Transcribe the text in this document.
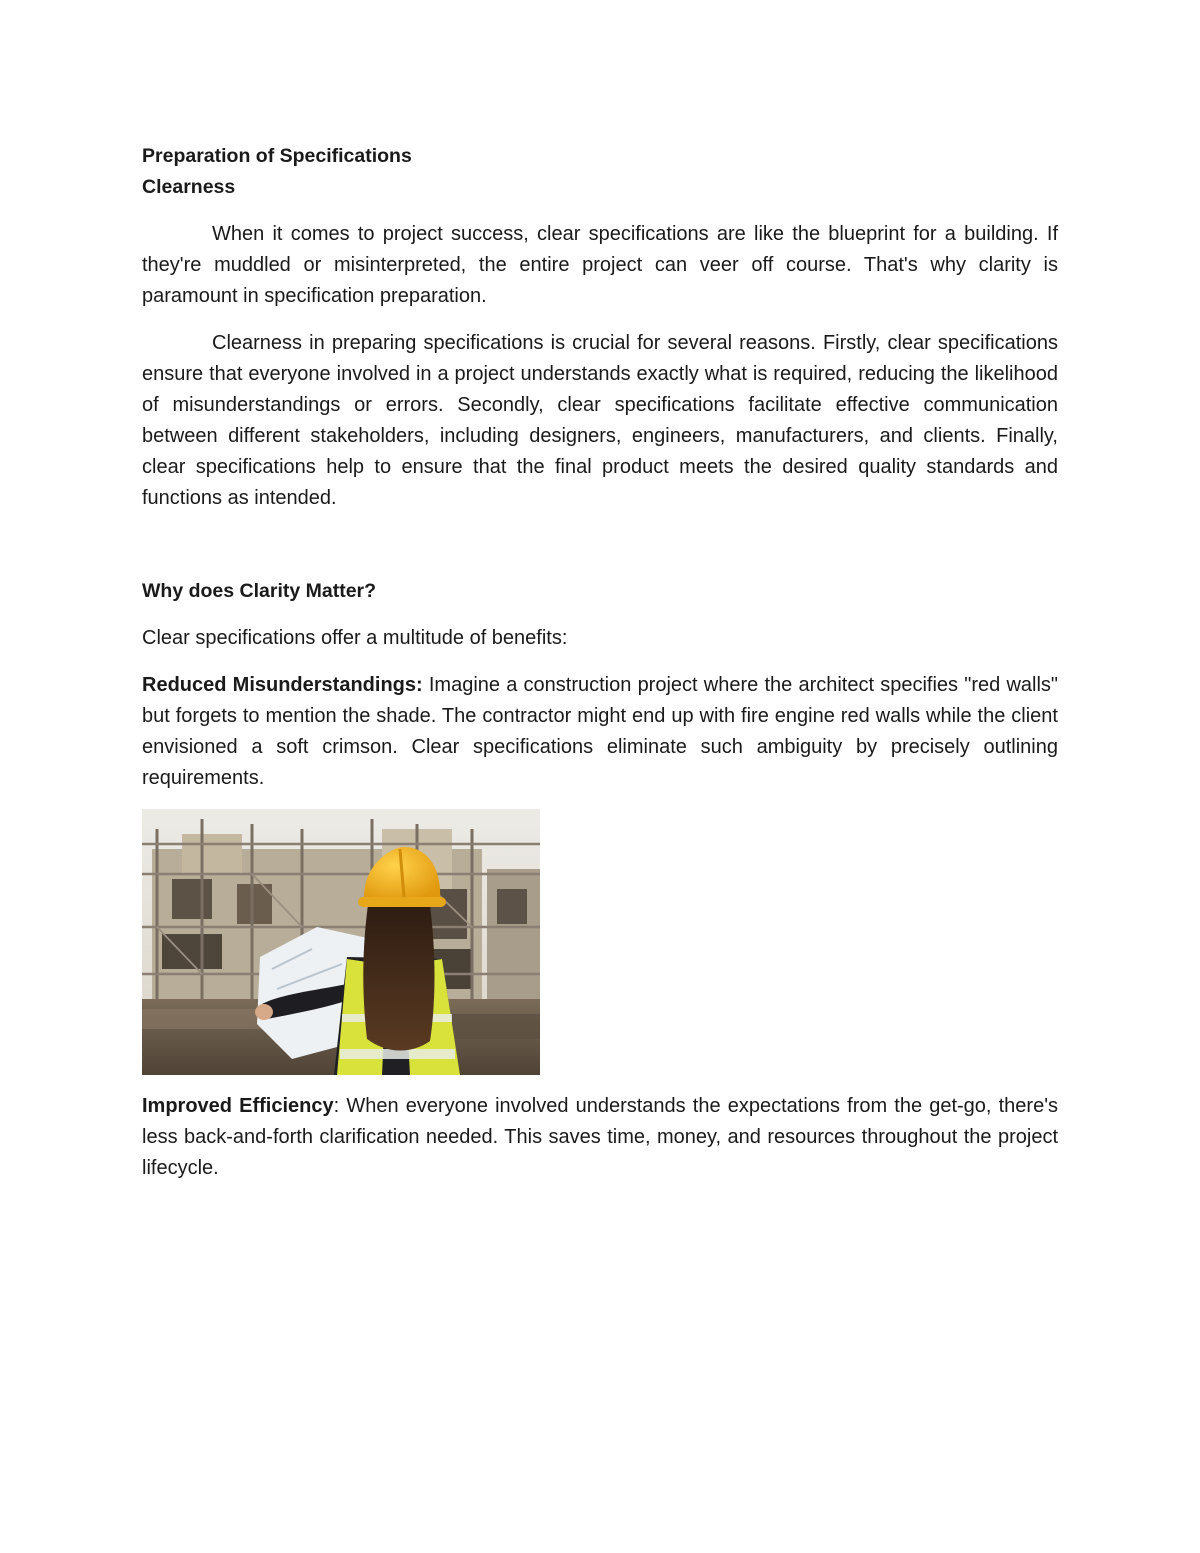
Preparation of Specifications
Clearness

When it comes to project success, clear specifications are like the blueprint for a building. If they're muddled or misinterpreted, the entire project can veer off course. That's why clarity is paramount in specification preparation.

Clearness in preparing specifications is crucial for several reasons. Firstly, clear specifications ensure that everyone involved in a project understands exactly what is required, reducing the likelihood of misunderstandings or errors. Secondly, clear specifications facilitate effective communication between different stakeholders, including designers, engineers, manufacturers, and clients. Finally, clear specifications help to ensure that the final product meets the desired quality standards and functions as intended.

Why does Clarity Matter?

Clear specifications offer a multitude of benefits:

Reduced Misunderstandings: Imagine a construction project where the architect specifies "red walls" but forgets to mention the shade. The contractor might end up with fire engine red walls while the client envisioned a soft crimson. Clear specifications eliminate such ambiguity by precisely outlining requirements.

Improved Efficiency: When everyone involved understands the expectations from the get-go, there's less back-and-forth clarification needed. This saves time, money, and resources throughout the project lifecycle.
